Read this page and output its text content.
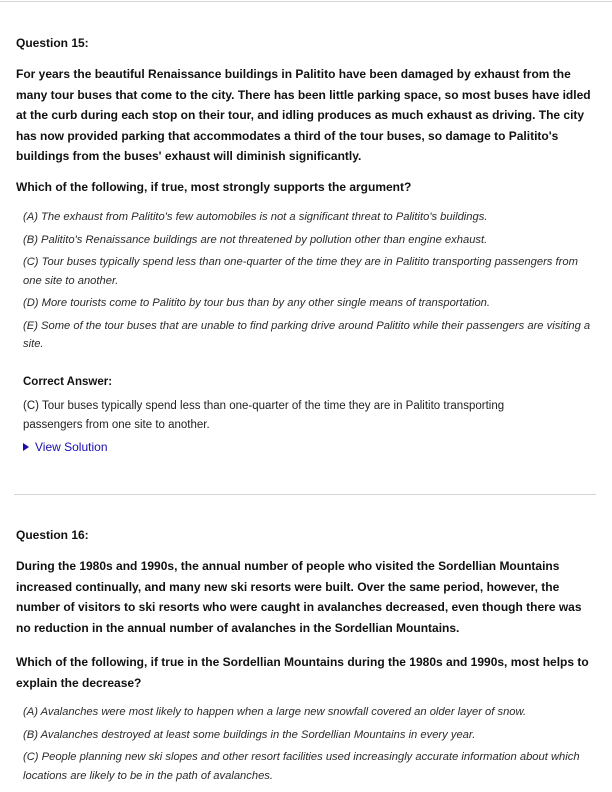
Question 15:
For years the beautiful Renaissance buildings in Palitito have been damaged by exhaust from the many tour buses that come to the city. There has been little parking space, so most buses have idled at the curb during each stop on their tour, and idling produces as much exhaust as driving. The city has now provided parking that accommodates a third of the tour buses, so damage to Palitito's buildings from the buses' exhaust will diminish significantly.
Which of the following, if true, most strongly supports the argument?
(A) The exhaust from Palitito's few automobiles is not a significant threat to Palitito's buildings.
(B) Palitito's Renaissance buildings are not threatened by pollution other than engine exhaust.
(C) Tour buses typically spend less than one-quarter of the time they are in Palitito transporting passengers from one site to another.
(D) More tourists come to Palitito by tour bus than by any other single means of transportation.
(E) Some of the tour buses that are unable to find parking drive around Palitito while their passengers are visiting a site.
Correct Answer:
(C) Tour buses typically spend less than one-quarter of the time they are in Palitito transporting passengers from one site to another.
View Solution
Question 16:
During the 1980s and 1990s, the annual number of people who visited the Sordellian Mountains increased continually, and many new ski resorts were built. Over the same period, however, the number of visitors to ski resorts who were caught in avalanches decreased, even though there was no reduction in the annual number of avalanches in the Sordellian Mountains.
Which of the following, if true in the Sordellian Mountains during the 1980s and 1990s, most helps to explain the decrease?
(A) Avalanches were most likely to happen when a large new snowfall covered an older layer of snow.
(B) Avalanches destroyed at least some buildings in the Sordellian Mountains in every year.
(C) People planning new ski slopes and other resort facilities used increasingly accurate information about which locations are likely to be in the path of avalanches.
